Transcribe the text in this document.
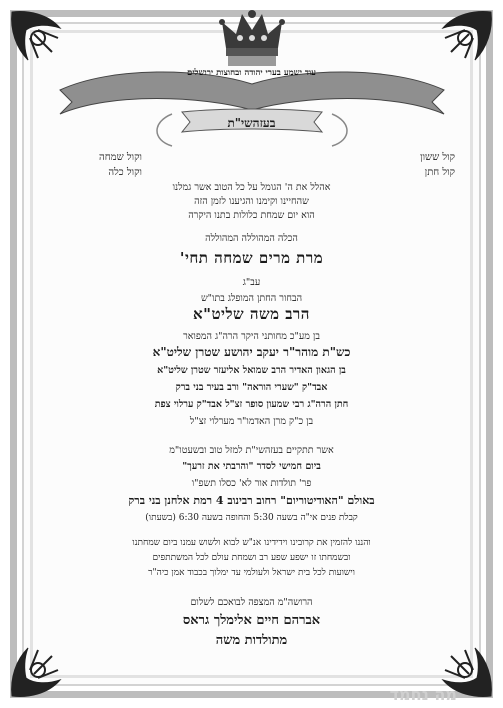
עוד ישמע בערי יהודה ובחוצות ירושלים
בעזהשי"ת
קול ששון
קול חתן
וקול שמחה
וקול כלה
אהלל את ה' הגומל על כל הטוב אשר גמלנו
שהחיינו וקימנו והגיענו לזמן הזה
הוא יום שמחת כלולות בתנו היקרה
הכלה המהוללה המהוללה
מרת מרים שמחה תחי'
עב"ג
הבחור החתן המופלג בתו"ש
הרב משה שליט"א
בן מע"כ מחותני היקר הרה"ג המפואר
כש"ת מוהר"ר יעקב יהושע שטרן שליט"א
בן הגאון האדיר הרב שמואל אליעזר שטרן שליט"א
אבד"ק "שערי הוראה" ורב בעיר בני ברק
חתן הרה"ג רבי שמעון סופר זצ"ל אבד"ק ערלוי צפת
בן כ"ק מרן האדמו"ר מערלוי זצ"ל
אשר תתקיים בעזהשי"ת למזל טוב ובשעטו"מ
ביום חמישי לסדר "והרבתי את זרעך"
פר' תולדות אור לא' כסלו תשפ"ו
באולם "האודיטוריום" רחוב רבינוב 4 רמת אלחנן בני ברק
קבלת פנים אי"ה בשעה 5:30 והחופה בשעה 6:30 (בשעתו)
והננו להזמין את קרובינו וידידינו אנ"ש לבוא ולשוש עמנו ביום שמחתנו
ובשמחתו זו ישפע שפע רב ושמחת עולם לכל המשתתפים
וישועות לכל בית ישראל ולעולמי עד ימלוך בכבוד אמן כיה"ר
הרושה"מ המצפה לבואכם לשלום
אברהם חיים אלימלך גראס
מתולדות משה
מה נחמד
